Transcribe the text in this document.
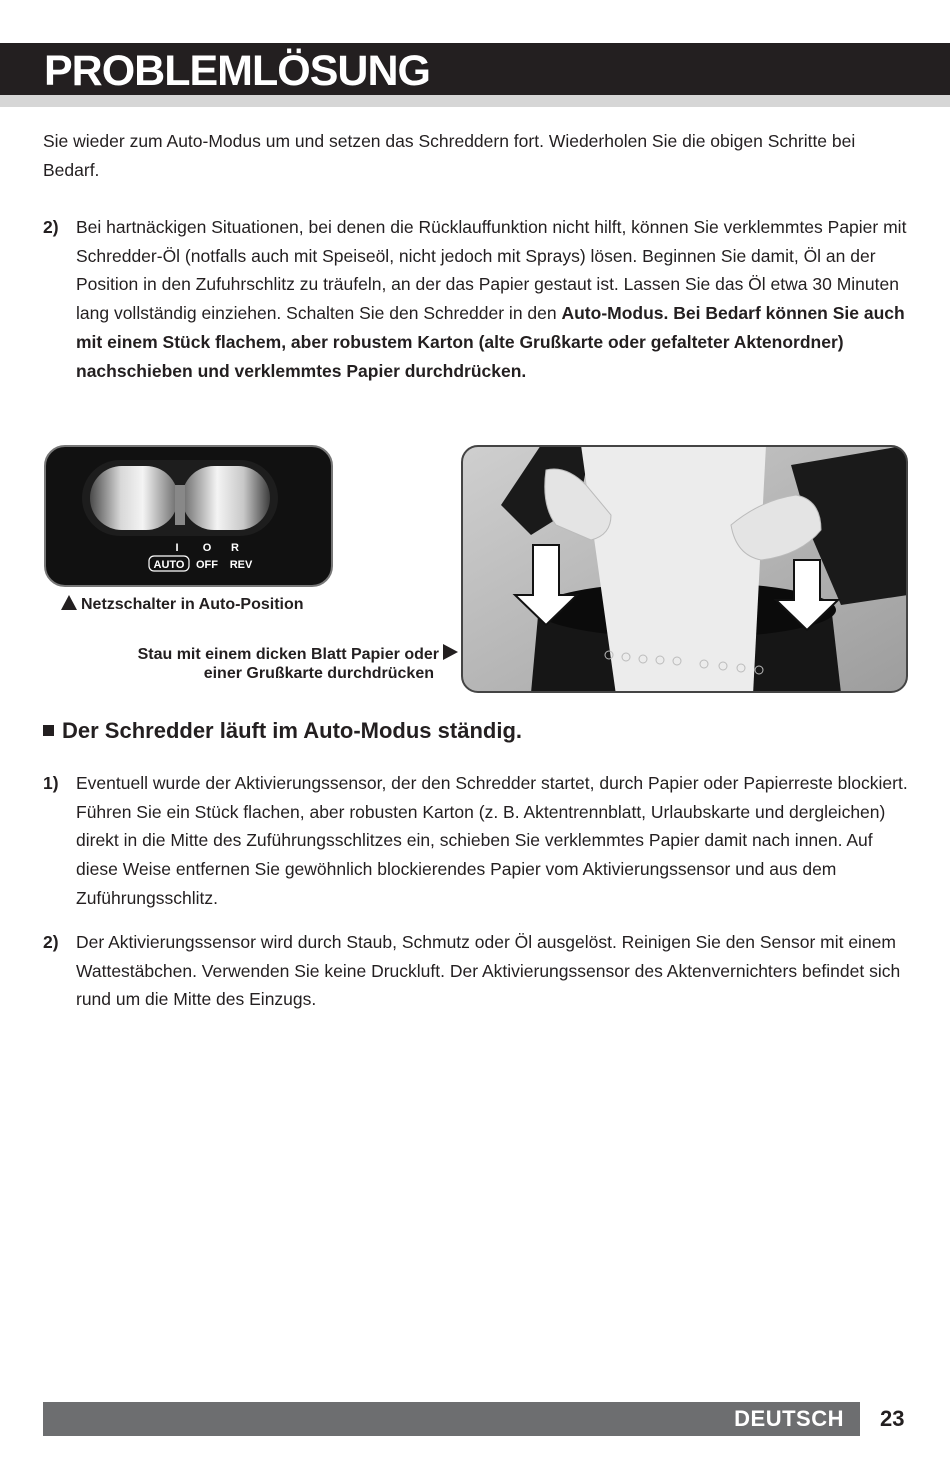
PROBLEMLÖSUNG

Sie wieder zum Auto-Modus um und setzen das Schreddern fort. Wiederholen Sie die obigen Schritte bei Bedarf.

2) Bei hartnäckigen Situationen, bei denen die Rücklauffunktion nicht hilft, können Sie verklemmtes Papier mit Schredder-Öl (notfalls auch mit Speiseöl, nicht jedoch mit Sprays) lösen. Beginnen Sie damit, Öl an der Position in den Zufuhrschlitz zu träufeln, an der das Papier gestaut ist. Lassen Sie das Öl etwa 30 Minuten lang vollständig einziehen. Schalten Sie den Schredder in den Auto-Modus. Bei Bedarf können Sie auch mit einem Stück flachem, aber robustem Karton (alte Grußkarte oder gefalteter Aktenordner) nachschieben und verklemmtes Papier durchdrücken.

I O R
AUTO OFF REV
Netzschalter in Auto-Position
Stau mit einem dicken Blatt Papier oder
einer Grußkarte durchdrücken
Der Schredder läuft im Auto-Modus ständig.

1) Eventuell wurde der Aktivierungssensor, der den Schredder startet, durch Papier oder Papierreste blockiert. Führen Sie ein Stück flachen, aber robusten Karton (z. B. Aktentrennblatt, Urlaubskarte und dergleichen) direkt in die Mitte des Zuführungsschlitzes ein, schieben Sie verklemmtes Papier damit nach innen. Auf diese Weise entfernen Sie gewöhnlich blockierendes Papier vom Aktivierungssensor und aus dem Zuführungsschlitz.

2) Der Aktivierungssensor wird durch Staub, Schmutz oder Öl ausgelöst. Reinigen Sie den Sensor mit einem Wattestäbchen. Verwenden Sie keine Druckluft. Der Aktivierungssensor des Aktenvernichters befindet sich rund um die Mitte des Einzugs.

DEUTSCH 23
